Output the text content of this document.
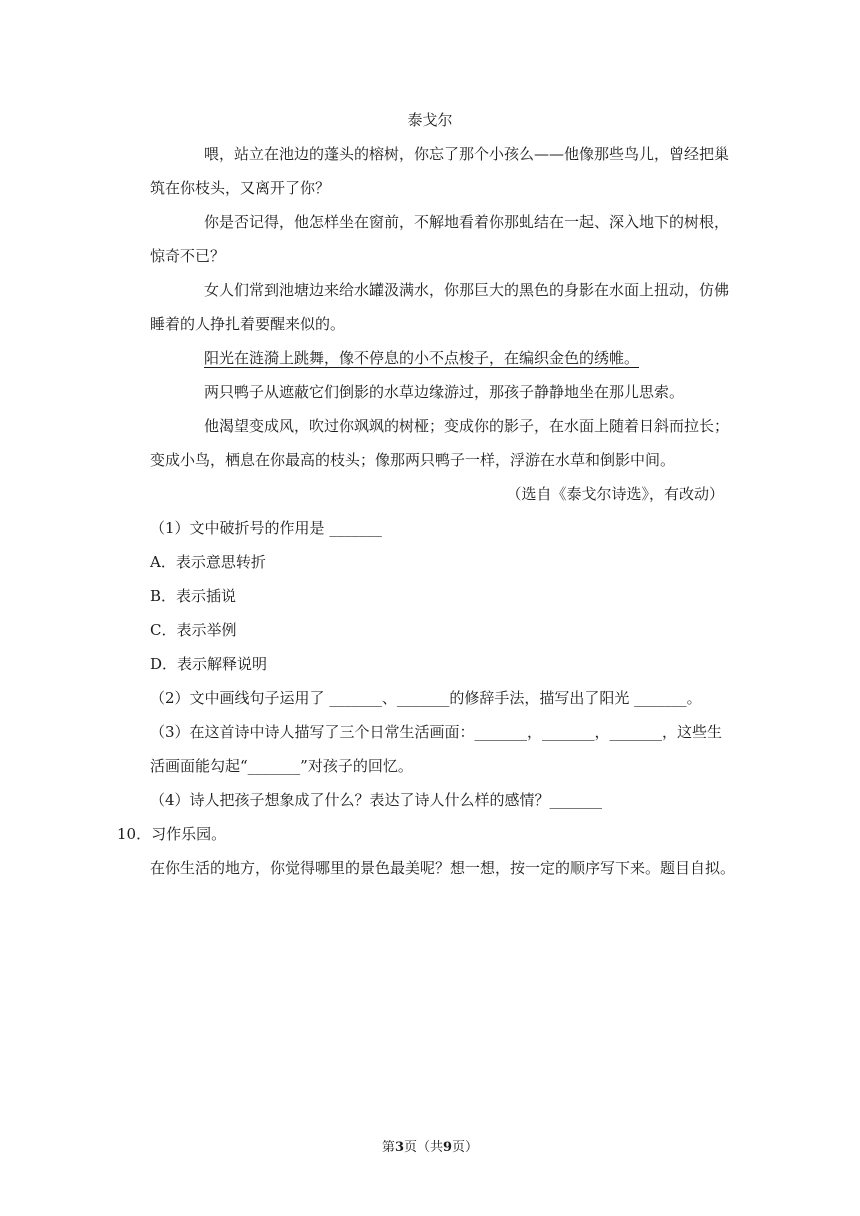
泰戈尔
喂，站立在池边的蓬头的榕树，你忘了那个小孩么——他像那些鸟儿，曾经把巢
筑在你枝头，又离开了你？
你是否记得，他怎样坐在窗前，不解地看着你那虬结在一起、深入地下的树根，
惊奇不已？
女人们常到池塘边来给水罐汲满水，你那巨大的黑色的身影在水面上扭动，仿佛
睡着的人挣扎着要醒来似的。
阳光在涟漪上跳舞，像不停息的小不点梭子，在编织金色的绣帷。
两只鸭子从遮蔽它们倒影的水草边缘游过，那孩子静静地坐在那儿思索。
他渴望变成风，吹过你飒飒的树桠；变成你的影子，在水面上随着日斜而拉长；
变成小鸟，栖息在你最高的枝头；像那两只鸭子一样，浮游在水草和倒影中间。
（选自《泰戈尔诗选》，有改动）
（1）文中破折号的作用是 _______
A．表示意思转折
B．表示插说
C．表示举例
D．表示解释说明
（2）文中画线句子运用了 _______、_______的修辞手法，描写出了阳光 _______。
（3）在这首诗中诗人描写了三个日常生活画面：_______，_______，_______，这些生
活画面能勾起“_______”对孩子的回忆。
（4）诗人把孩子想象成了什么？表达了诗人什么样的感情？_______
10．习作乐园。
在你生活的地方，你觉得哪里的景色最美呢？想一想，按一定的顺序写下来。题目自拟。
第3页（共9页）
